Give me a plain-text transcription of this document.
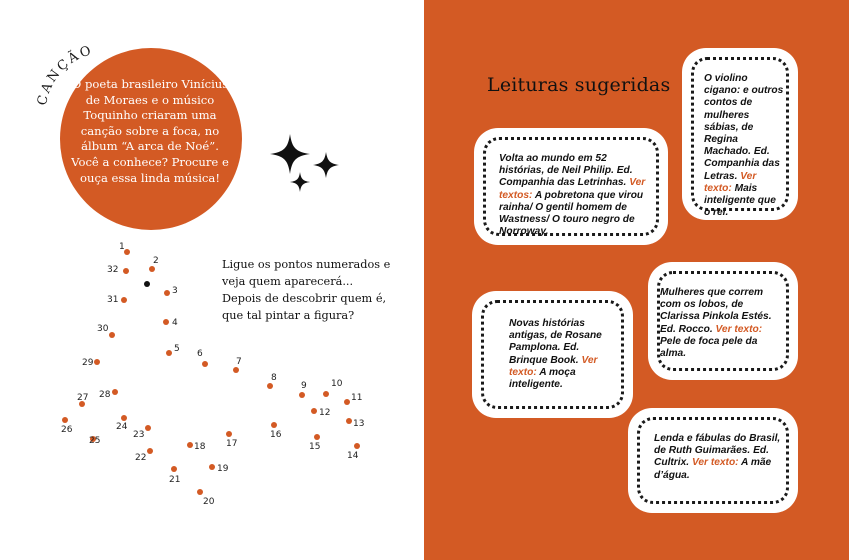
CANÇÃO
O poeta brasileiro Vinícius de Moraes e o músico Toquinho criaram uma canção sobre a foca, no álbum “A arca de Noé”. Você a conhece? Procure e ouça essa linda música!
1
2
3
4
5 6
7
8
9	10
11
12
13
14
15
16
17
18
19
20
21
22
23
24
25
26
27 28
29
30
31
32	Ligue os pontos numerados e veja quem aparecerá... Depois de descobrir quem é, que tal pintar a figura?
Leituras sugeridas
Volta ao mundo em 52 histórias, de Neil Philip. Ed. Companhia das Letrinhas. Ver textos: A pobretona que virou rainha/ O gentil homem de Wastness/ O touro negro de Norroway.
O violino cigano: e outros contos de mulheres sábias, de Regina Machado. Ed. Companhia das Letras. Ver texto: Mais inteligente que o rei.
Novas histórias antigas, de Rosane Pamplona. Ed. Brinque Book. Ver texto: A moça inteligente.
Mulheres que correm com os lobos, de Clarissa Pinkola Estés. Ed. Rocco. Ver texto: Pele de foca pele da alma.
Lenda e fábulas do Brasil, de Ruth Guimarães. Ed. Cultrix. Ver texto: A mãe d’água.
